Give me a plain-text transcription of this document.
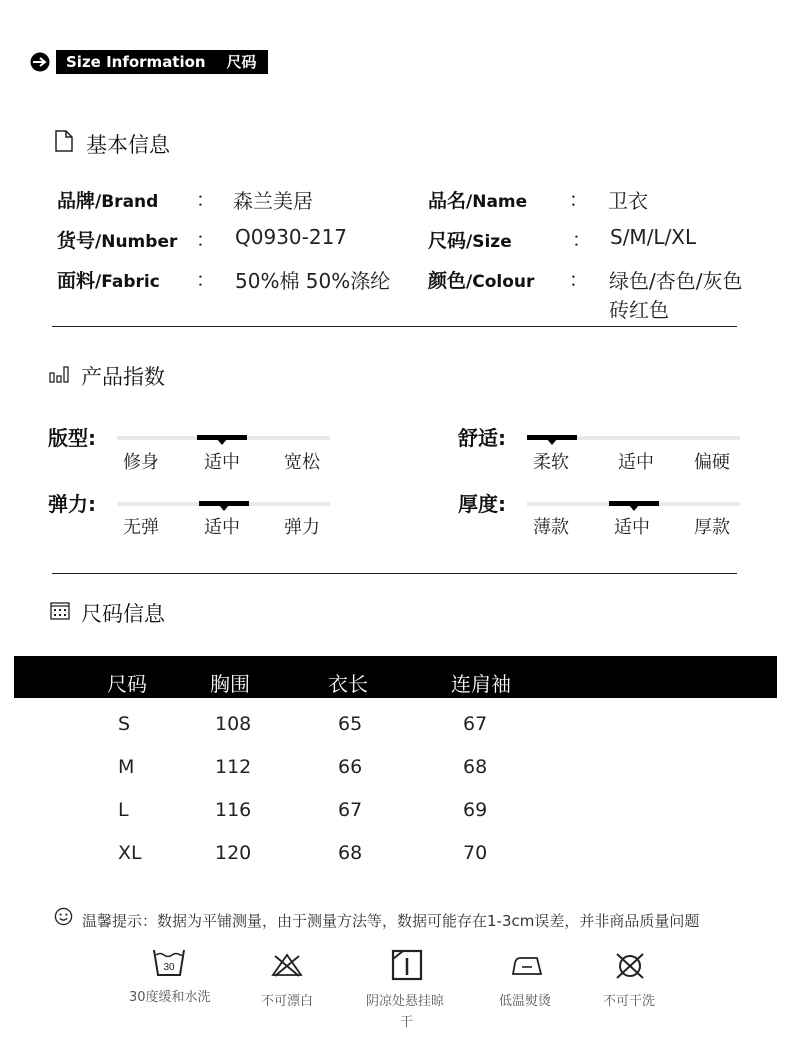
Size Information 尺码
基本信息
品牌/Brand ： 森兰美居	品名/Name ： 卫衣
货号/Number ： Q0930-217	尺码/Size	： S/M/L/XL
面料/Fabric ： 50%棉 50%涤纶 颜色/Colour ： 绿色/杏色/灰色
砖红色
产品指数
版型:
修身	适中 宽松
舒适:
柔软	适中 偏硬
弹力:
无弹	适中 弹力
厚度:
薄款	适中 厚款
尺码信息
尺码	胸围	衣长	连肩袖
S	108	65	67
M	112	66	68
L	116	67	69
XL	120	68	70
温馨提示：数据为平铺测量，由于测量方法等，数据可能存在1-3cm误差，并非商品质量问题
30
30度缓和水洗	不可漂白	阴凉处悬挂晾
干
低温熨烫	不可干洗
